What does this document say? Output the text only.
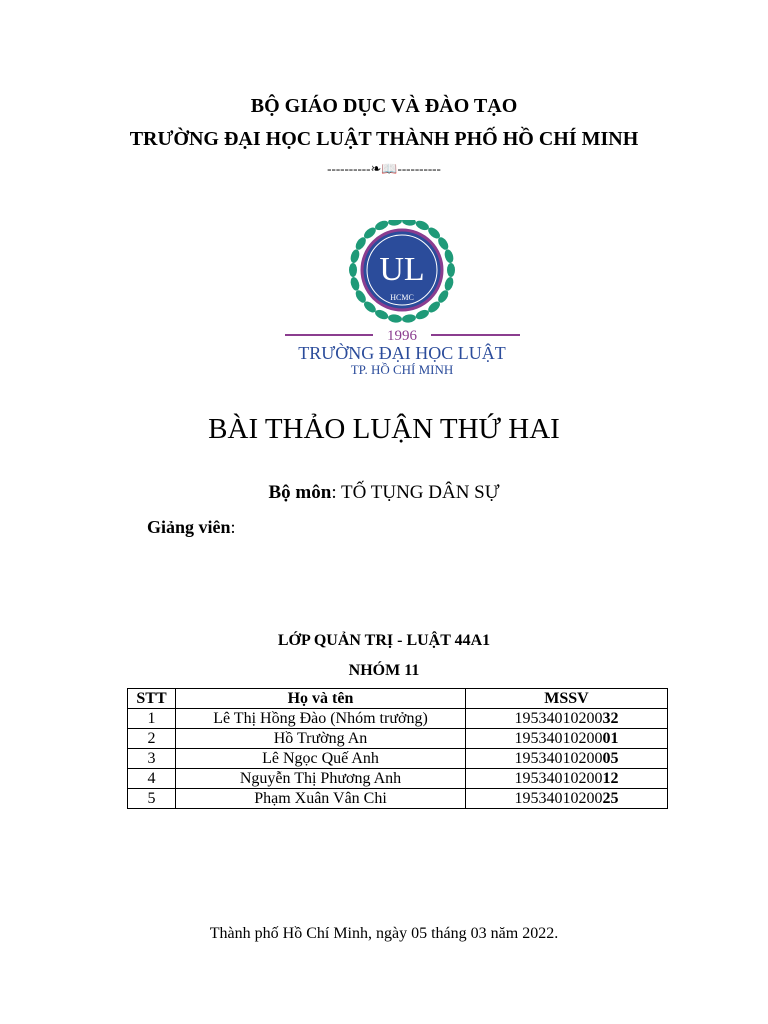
BỘ GIÁO DỤC VÀ ĐÀO TẠO
TRƯỜNG ĐẠI HỌC LUẬT THÀNH PHỐ HỒ CHÍ MINH
----------❧📖----------
UL
HCMC
1996
TRƯỜNG ĐẠI HỌC LUẬT
TP. HỒ CHÍ MINH
BÀI THẢO LUẬN THỨ HAI
Bộ môn: TỐ TỤNG DÂN SỰ
Giảng viên:
LỚP QUẢN TRỊ - LUẬT 44A1
NHÓM 11
STT	Họ và tên	MSSV
1	Lê Thị Hồng Đào (Nhóm trưởng)	1953401020032
2	Hồ Trường An	1953401020001
3	Lê Ngọc Quế Anh	1953401020005
4	Nguyễn Thị Phương Anh	1953401020012
5	Phạm Xuân Vân Chi	1953401020025
Thành phố Hồ Chí Minh, ngày 05 tháng 03 năm 2022.
